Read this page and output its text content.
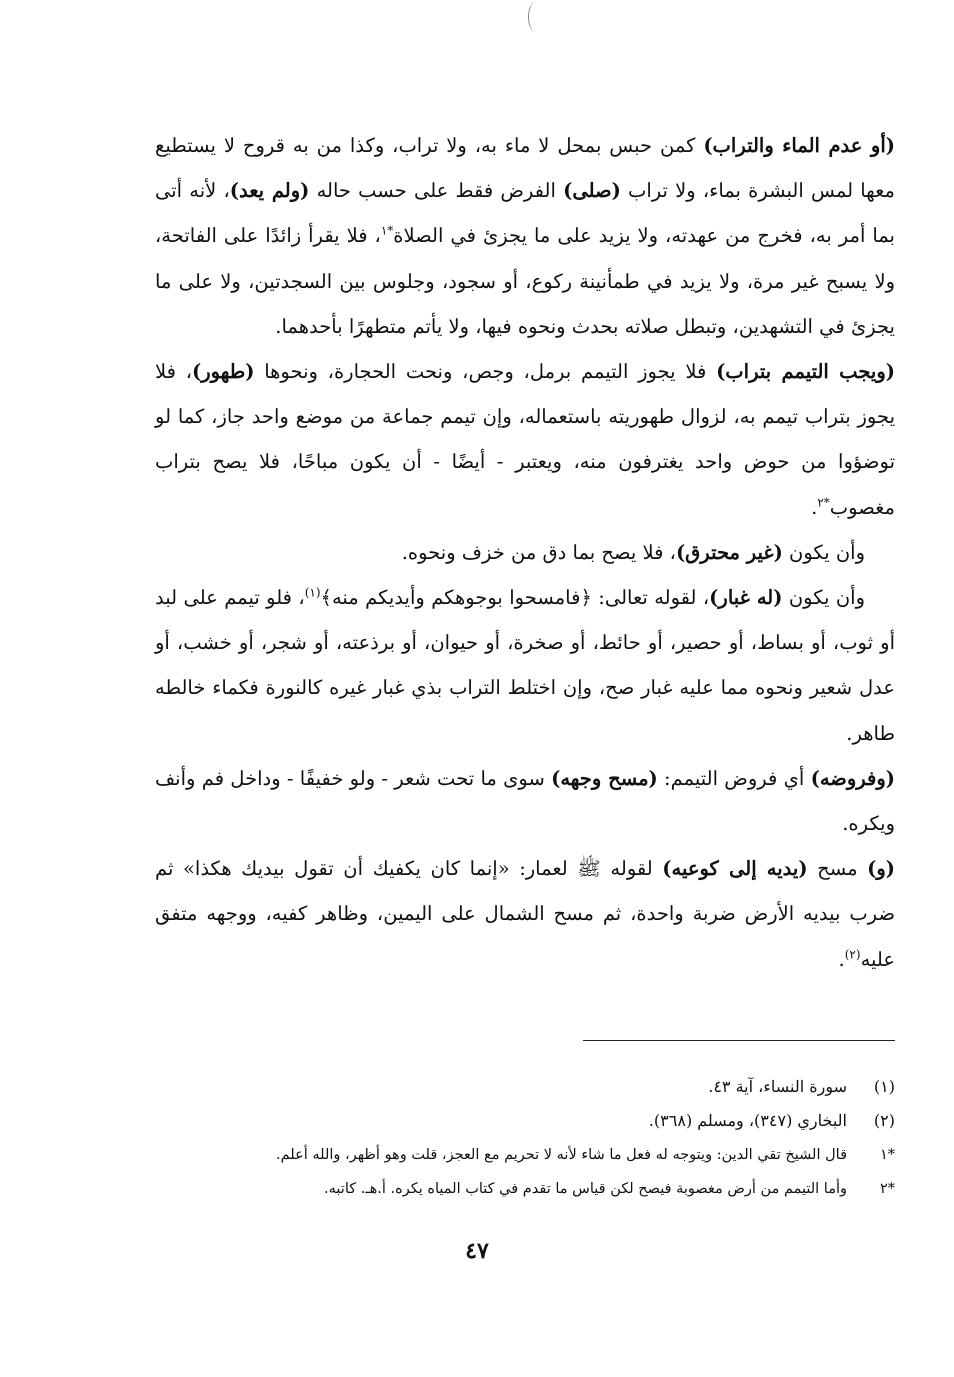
(أو عدم الماء والتراب) كمن حبس بمحل لا ماء به، ولا تراب، وكذا من به قروح لا يستطيع معها لمس البشرة بماء، ولا تراب (صلى) الفرض فقط على حسب حاله (ولم يعد)، لأنه أتى بما أمر به، فخرج من عهدته، ولا يزيد على ما يجزئ في الصلاة$^{*١}$، فلا يقرأ زائدًا على الفاتحة، ولا يسبح غير مرة، ولا يزيد في طمأنينة ركوع، أو سجود، وجلوس بين السجدتين، ولا على ما يجزئ في التشهدين، وتبطل صلاته بحدث ونحوه فيها، ولا يأتم متطهرًا بأحدهما.

(ويجب التيمم بتراب) فلا يجوز التيمم برمل، وجص، ونحت الحجارة، ونحوها (طهور)، فلا يجوز بتراب تيمم به، لزوال طهوريته باستعماله، وإن تيمم جماعة من موضع واحد جاز، كما لو توضؤوا من حوض واحد يغترفون منه، ويعتبر - أيضًا - أن يكون مباحًا، فلا يصح بتراب مغصوب$^{*٢}$.

وأن يكون (غير محترق)، فلا يصح بما دق من خزف ونحوه.

وأن يكون (له غبار)، لقوله تعالى: ﴿فامسحوا بوجوهكم وأيديكم منه﴾$^{(١)}$، فلو تيمم على لبد أو ثوب، أو بساط، أو حصير، أو حائط، أو صخرة، أو حيوان، أو برذعته، أو شجر، أو خشب، أو عدل شعير ونحوه مما عليه غبار صح، وإن اختلط التراب بذي غبار غيره كالنورة فكماء خالطه طاهر.

(وفروضه) أي فروض التيمم: (مسح وجهه) سوى ما تحت شعر - ولو خفيفًا - وداخل فم وأنف ويكره.

(و) مسح (يديه إلى كوعيه) لقوله ﷺ لعمار: «إنما كان يكفيك أن تقول بيديك هكذا» ثم ضرب بيديه الأرض ضربة واحدة، ثم مسح الشمال على اليمين، وظاهر كفيه، ووجهه متفق عليه$^{(٢)}$.

(١)
سورة النساء، آية ٤٣.
(٢)
البخاري (٣٤٧)، ومسلم (٣٦٨).
*١
قال الشيخ تقي الدين: ويتوجه له فعل ما شاء لأنه لا تحريم مع العجز، قلت وهو أظهر، والله أعلم.
*٢
وأما التيمم من أرض مغصوبة فيصح لكن قياس ما تقدم في كتاب المياه يكره. أ.هـ. كاتبه.
٤٧
